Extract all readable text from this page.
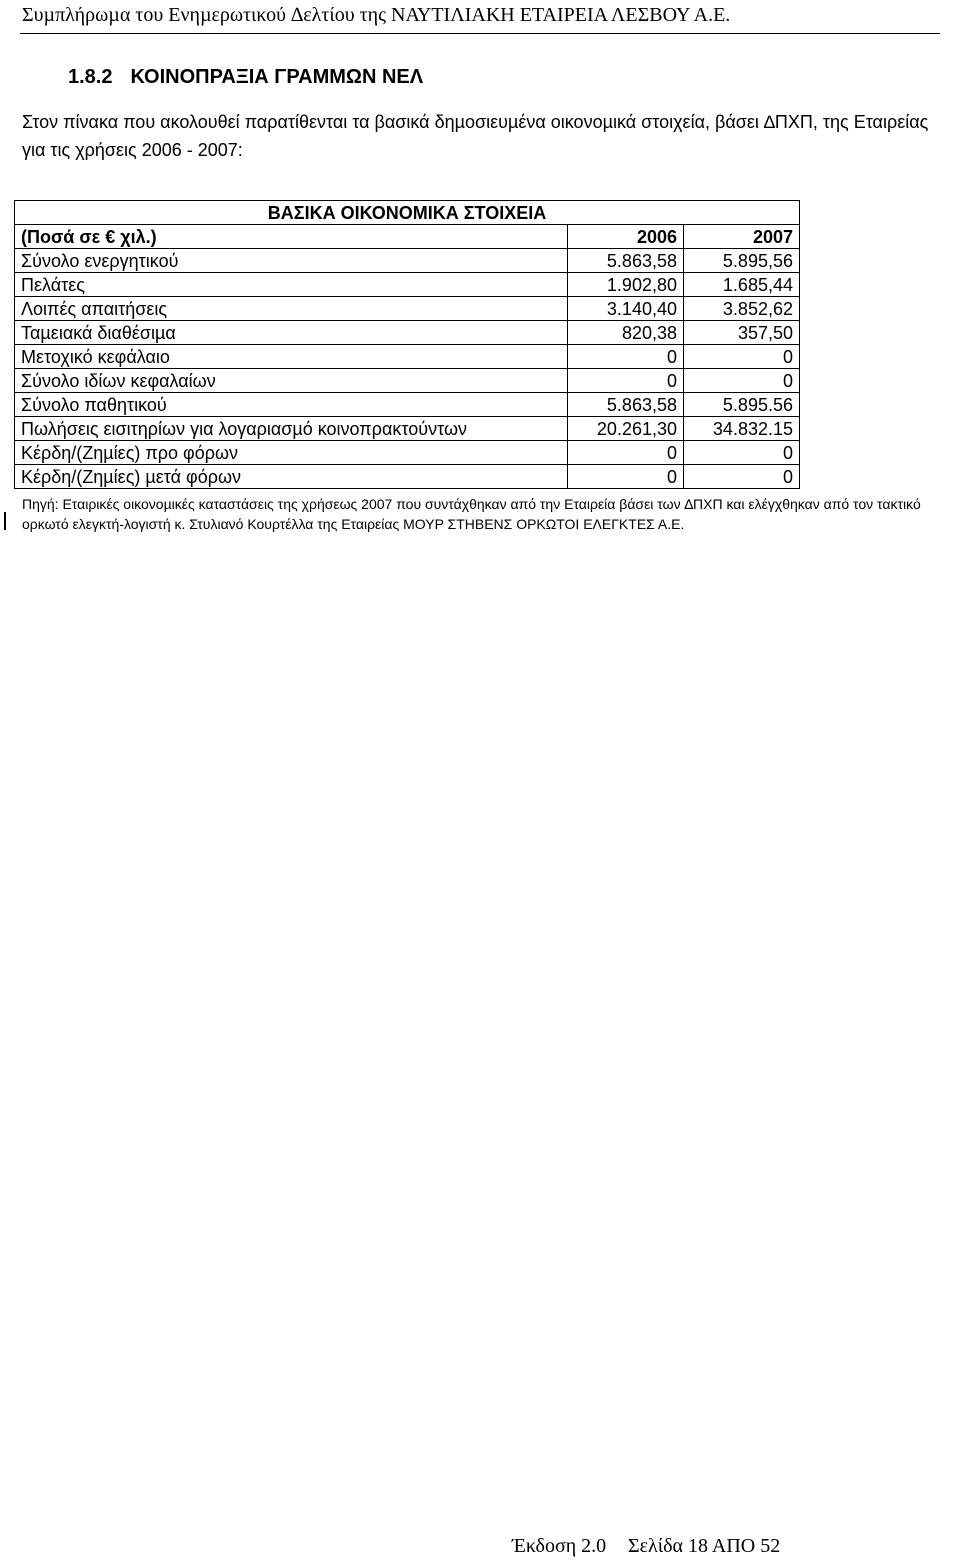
Συµπλήρωµα του Ενηµερωτικού ∆ελτίου της ΝΑΥΤΙΛΙΑΚΗ ΕΤΑΙΡΕΙΑ ΛΕΣΒΟΥ Α.Ε.
1.8.2 ΚΟΙΝΟΠΡΑΞΙΑ ΓΡΑΜΜΩΝ ΝΕΛ
Στον πίνακα που ακολουθεί παρατίθενται τα βασικά δηµοσιευµένα οικονοµικά στοιχεία, βάσει ∆ΠΧΠ, της Εταιρείας για τις χρήσεις 2006 - 2007:
ΒΑΣΙΚΑ ΟΙΚΟΝΟΜΙΚΑ ΣΤΟΙΧΕΙΑ		
(Ποσά σε € χιλ.)	2006	2007
Σύνολο ενεργητικού	5.863,58	5.895,56
Πελάτες	1.902,80	1.685,44
Λοιπές απαιτήσεις	3.140,40	3.852,62
Ταµειακά διαθέσιµα	820,38	357,50
Μετοχικό κεφάλαιο	0	0
Σύνολο ιδίων κεφαλαίων	0	0
Σύνολο παθητικού	5.863,58	5.895.56
Πωλήσεις εισιτηρίων για λογαριασµό κοινοπρακτούντων	20.261,30	34.832.15
Κέρδη/(Ζηµίες) προ φόρων	0	0
Κέρδη/(Ζηµίες) µετά φόρων	0	0
Πηγή: Εταιρικές οικονοµικές καταστάσεις της χρήσεως 2007 που συντάχθηκαν από την Εταιρεία βάσει των ∆ΠΧΠ και ελέγχθηκαν από τον τακτικό ορκωτό ελεγκτή-λογιστή κ. Στυλιανό Κουρτέλλα της Εταιρείας ΜΟΥΡ ΣΤΗΒΕΝΣ ΟΡΚΩΤΟΙ ΕΛΕΓΚΤΕΣ Α.Ε.
Έκδοση 2.0 Σελίδα 18 ΑΠΟ 52
